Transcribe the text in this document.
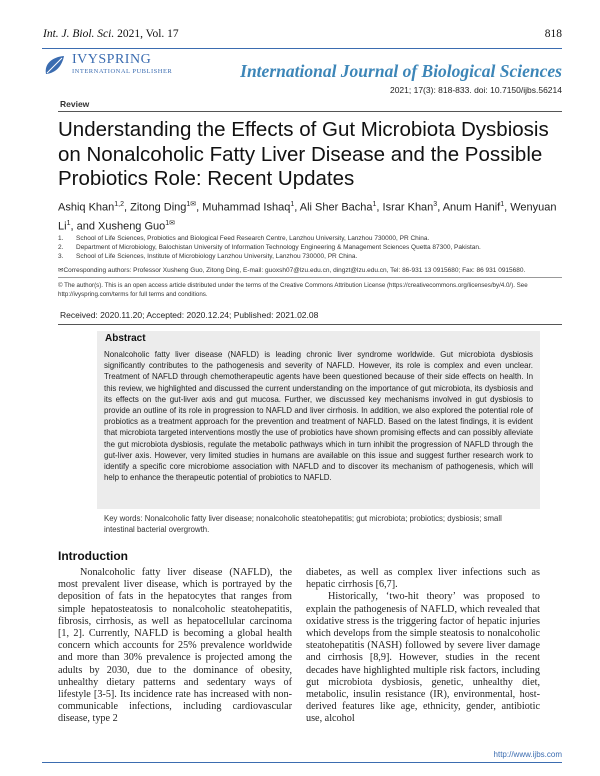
Int. J. Biol. Sci. 2021, Vol. 17	818
IVYSPRING
INTERNATIONAL PUBLISHER	International Journal of Biological Sciences
2021; 17(3): 818-833. doi: 10.7150/ijbs.56214
Review
Understanding the Effects of Gut Microbiota Dysbiosis on Nonalcoholic Fatty Liver Disease and the Possible Probiotics Role: Recent Updates
Ashiq Khan$^{1,2}$, Zitong Ding$^{1✉}$, Muhammad Ishaq$^1$, Ali Sher Bacha$^1$, Israr Khan$^3$, Anum Hanif$^1$, Wenyuan Li$^1$, and Xusheng Guo$^{1✉}$
1. School of Life Sciences, Probiotics and Biological Feed Research Centre, Lanzhou University, Lanzhou 730000, PR China.
2. Department of Microbiology, Balochistan University of Information Technology Engineering & Management Sciences Quetta 87300, Pakistan.
3. School of Life Sciences, Institute of Microbiology Lanzhou University, Lanzhou 730000, PR China.
✉Corresponding authors: Professor Xusheng Guo, Zitong Ding, E-mail: guoxsh07@lzu.edu.cn, dingzt@lzu.edu.cn, Tel: 86-931 13 0915680; Fax: 86 931 0915680.
© The author(s). This is an open access article distributed under the terms of the Creative Commons Attribution License (https://creativecommons.org/licenses/by/4.0/). See http://ivyspring.com/terms for full terms and conditions.
Received: 2020.11.20; Accepted: 2020.12.24; Published: 2021.02.08
Abstract

Nonalcoholic fatty liver disease (NAFLD) is leading chronic liver syndrome worldwide. Gut microbiota dysbiosis significantly contributes to the pathogenesis and severity of NAFLD. However, its role is complex and even unclear. Treatment of NAFLD through chemotherapeutic agents have been questioned because of their side effects on health. In this review, we highlighted and discussed the current understanding on the importance of gut microbiota, its dysbiosis and its effects on the gut-liver axis and gut mucosa. Further, we discussed key mechanisms involved in gut dysbiosis to provide an outline of its role in progression to NAFLD and liver cirrhosis. In addition, we also explored the potential role of probiotics as a treatment approach for the prevention and treatment of NAFLD. Based on the latest findings, it is evident that microbiota targeted interventions mostly the use of probiotics have shown promising effects and can possibly alleviate the gut microbiota dysbiosis, regulate the metabolic pathways which in turn inhibit the progression of NAFLD through the gut-liver axis. However, very limited studies in humans are available on this issue and suggest further research work to identify a specific core microbiome association with NAFLD and to discover its mechanism of pathogenesis, which will help to enhance the therapeutic potential of probiotics to NAFLD.

Key words: Nonalcoholic fatty liver disease; nonalcoholic steatohepatitis; gut microbiota; probiotics; dysbiosis; small intestinal bacterial overgrowth.

Introduction

Nonalcoholic fatty liver disease (NAFLD), the most prevalent liver disease, which is portrayed by the deposition of fats in the hepatocytes that ranges from simple hepatosteatosis to nonalcoholic steatohepatitis, fibrosis, cirrhosis, as well as hepatocellular carcinoma [1, 2]. Currently, NAFLD is becoming a global health concern which accounts for 25% prevalence worldwide and more than 30% prevalence is projected among the adults by 2030, due to the dominance of obesity, unhealthy dietary patterns and sedentary ways of lifestyle [3-5]. Its incidence rate has increased with non-communicable infections, including cardiovascular disease, type 2

diabetes, as well as complex liver infections such as hepatic cirrhosis [6,7].

Historically, ‘two-hit theory’ was proposed to explain the pathogenesis of NAFLD, which revealed that oxidative stress is the triggering factor of hepatic injuries which develops from the simple steatosis to nonalcoholic steatohepatitis (NASH) followed by severe liver damage and cirrhosis [8,9]. However, studies in the recent decades have highlighted multiple risk factors, including gut microbiota dysbiosis, genetic, unhealthy diet, metabolic, insulin resistance (IR), environmental, host-derived features like age, ethnicity, gender, antibiotic use, alcohol

http://www.ijbs.com
